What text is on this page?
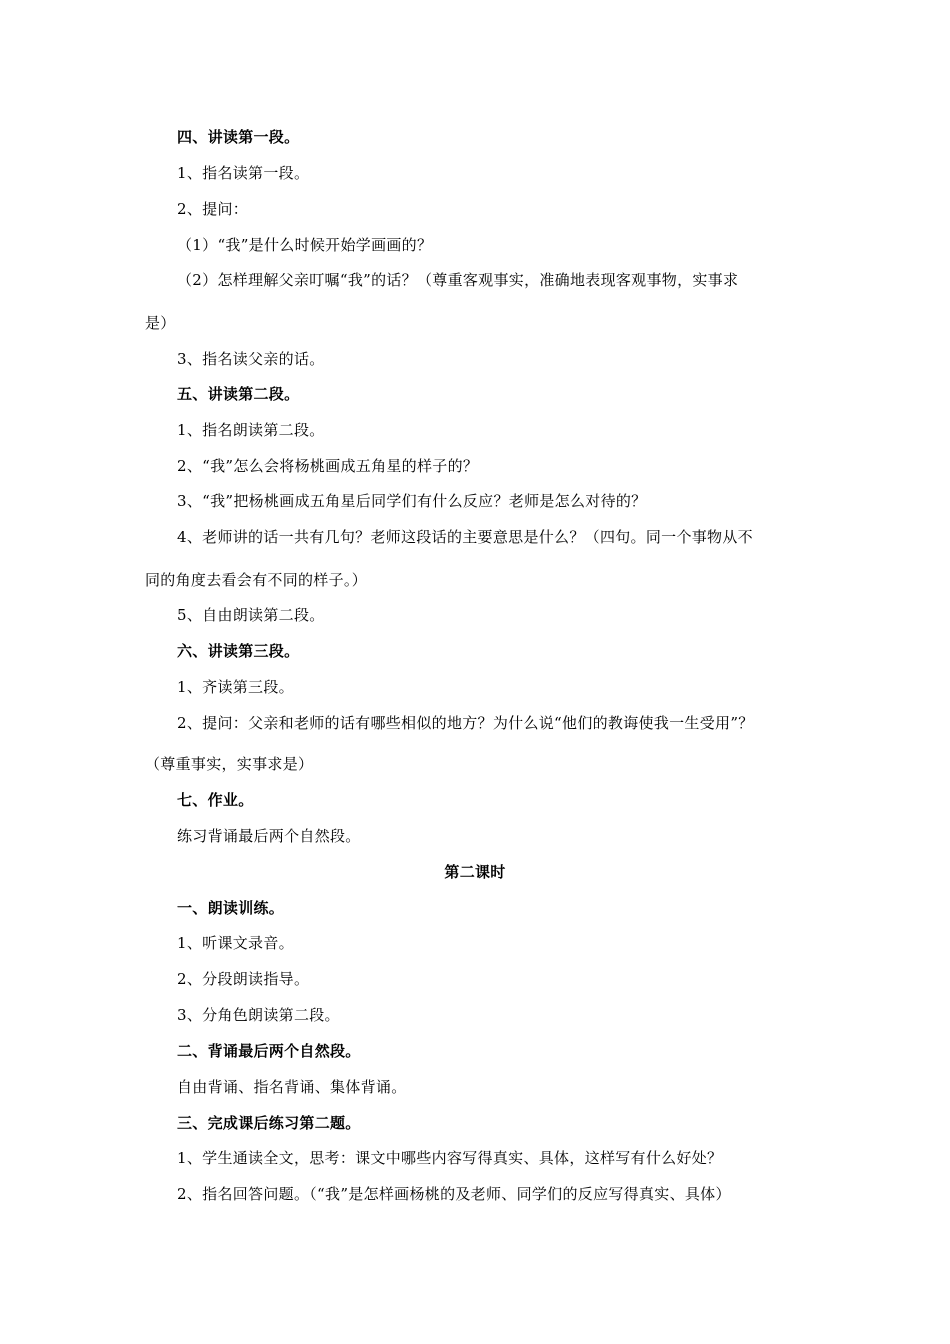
四、讲读第一段。
1、指名读第一段。
2、提问：
（1）“我”是什么时候开始学画画的？
（2）怎样理解父亲叮嘱“我”的话？（尊重客观事实，准确地表现客观事物，实事求
是）
3、指名读父亲的话。
五、讲读第二段。
1、指名朗读第二段。
2、“我”怎么会将杨桃画成五角星的样子的？
3、“我”把杨桃画成五角星后同学们有什么反应？老师是怎么对待的？
4、老师讲的话一共有几句？老师这段话的主要意思是什么？（四句。同一个事物从不
同的角度去看会有不同的样子。）
5、自由朗读第二段。
六、讲读第三段。
1、齐读第三段。
2、提问：父亲和老师的话有哪些相似的地方？为什么说“他们的教诲使我一生受用”？
（尊重事实，实事求是）
七、作业。
练习背诵最后两个自然段。
第二课时
一、朗读训练。
1、听课文录音。
2、分段朗读指导。
3、分角色朗读第二段。
二、背诵最后两个自然段。
自由背诵、指名背诵、集体背诵。
三、完成课后练习第二题。
1、学生通读全文，思考：课文中哪些内容写得真实、具体，这样写有什么好处？
2、指名回答问题。（“我”是怎样画杨桃的及老师、同学们的反应写得真实、具体）
